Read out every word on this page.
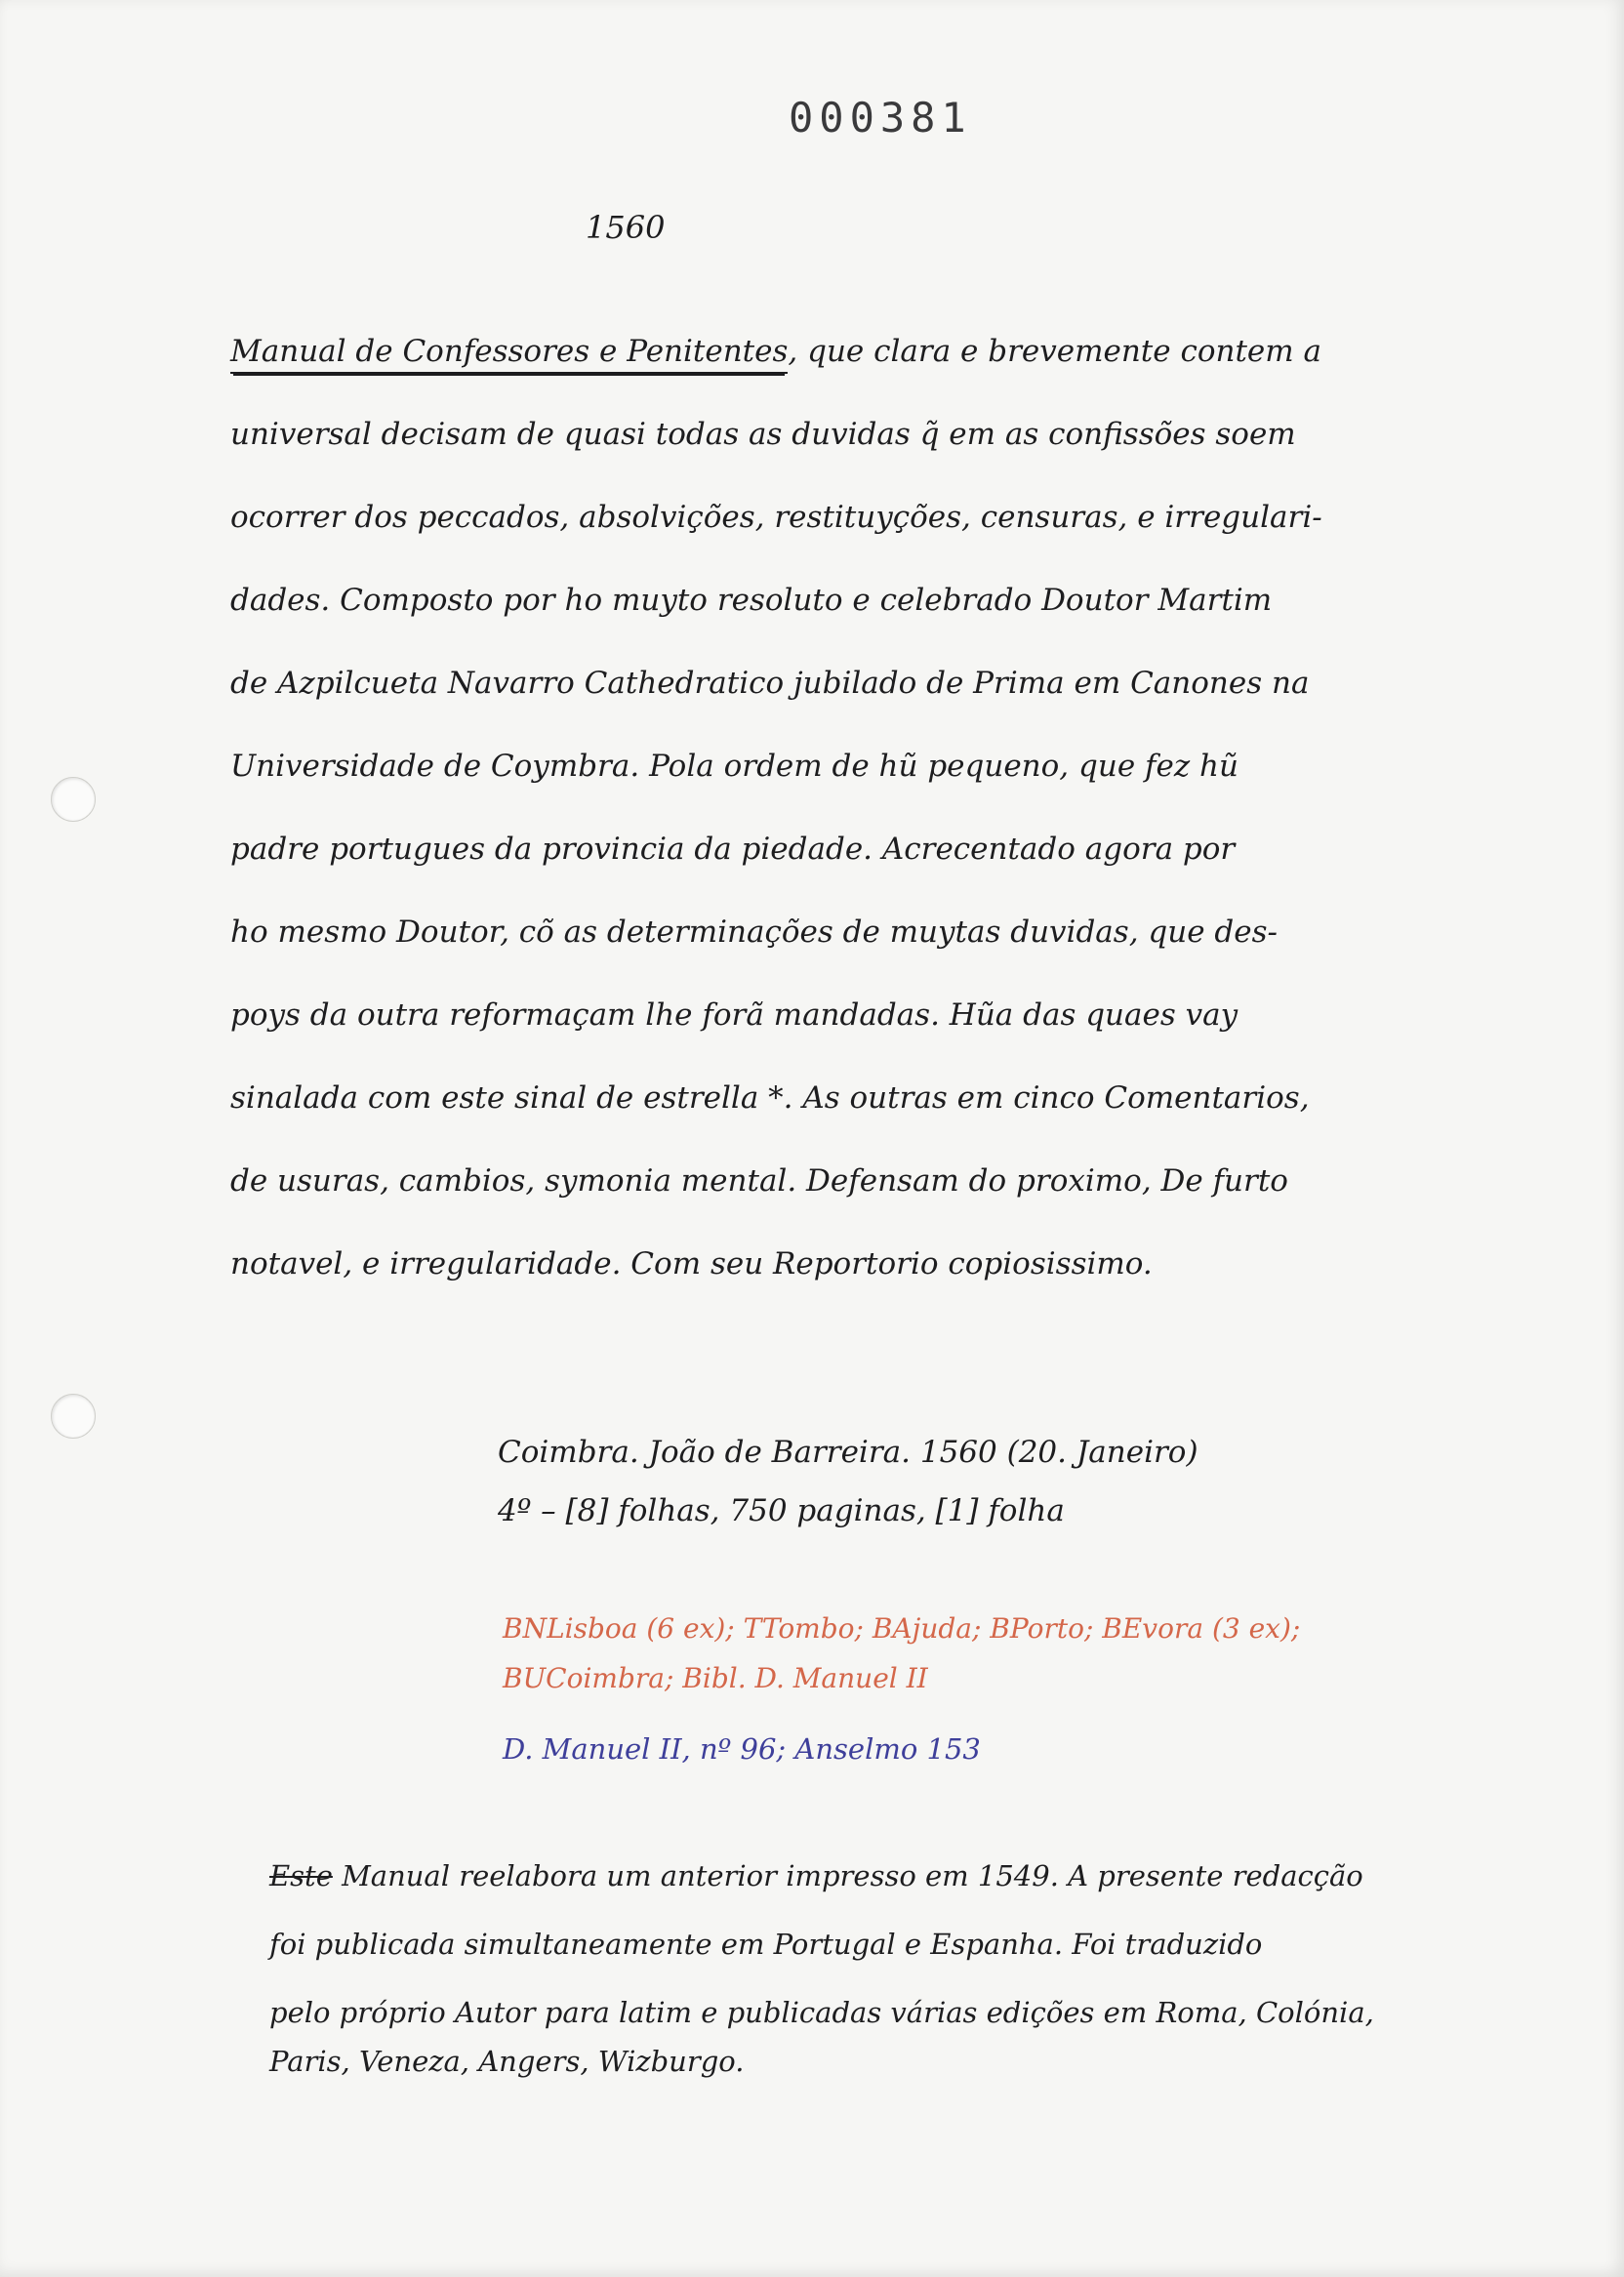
000381
1560
Manual de Confessores e Penitentes, que clara e brevemente contem a
universal decisam de quasi todas as duvidas q̃ em as confissões soem
ocorrer dos peccados, absolvições, restituyções, censuras, e irregulari-
dades. Composto por ho muyto resoluto e celebrado Doutor Martim
de Azpilcueta Navarro Cathedratico jubilado de Prima em Canones na
Universidade de Coymbra. Pola ordem de hũ pequeno, que fez hũ
padre portugues da provincia da piedade. Acrecentado agora por
ho mesmo Doutor, cõ as determinações de muytas duvidas, que des-
poys da outra reformaçam lhe forã mandadas. Hũa das quaes vay
sinalada com este sinal de estrella *. As outras em cinco Comentarios,
de usuras, cambios, symonia mental. Defensam do proximo, De furto
notavel, e irregularidade. Com seu Reportorio copiosissimo.
Coimbra. João de Barreira. 1560 (20. Janeiro)
4º – [8] folhas, 750 paginas, [1] folha
BNLisboa (6 ex); TTombo; BAjuda; BPorto; BEvora (3 ex);
BUCoimbra; Bibl. D. Manuel II
D. Manuel II, nº 96; Anselmo 153
Este Manual reelabora um anterior impresso em 1549. A presente redacção
foi publicada simultaneamente em Portugal e Espanha. Foi traduzido
pelo próprio Autor para latim e publicadas várias edições em Roma, Colónia,
Paris, Veneza, Angers, Wizburgo.
